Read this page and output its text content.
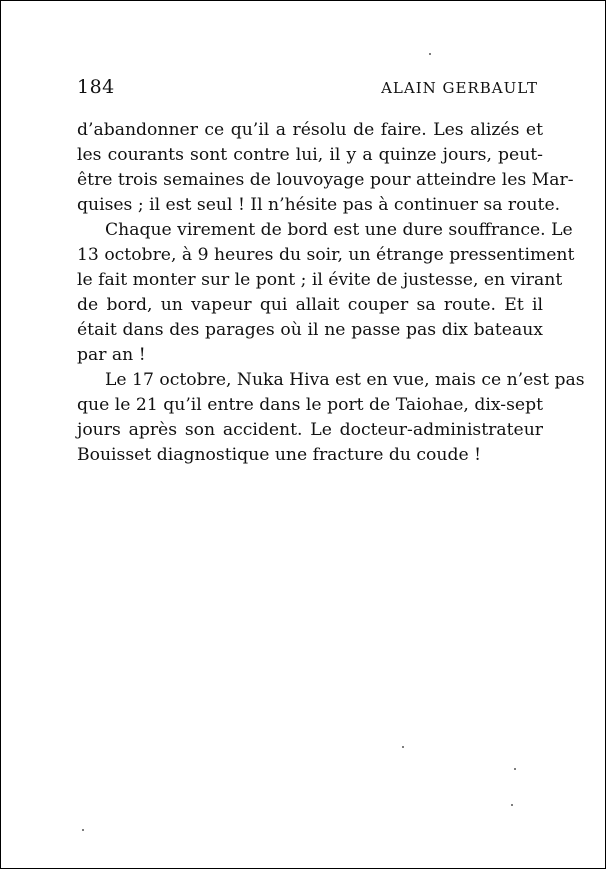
184	ALAIN GERBAULT
d’abandonner ce qu’il a résolu de faire. Les alizés et
les courants sont contre lui, il y a quinze jours, peut-
être trois semaines de louvoyage pour atteindre les Mar-
quises ; il est seul ! Il n’hésite pas à continuer sa route.
Chaque virement de bord est une dure souffrance. Le
13 octobre, à 9 heures du soir, un étrange pressentiment
le fait monter sur le pont ; il évite de justesse, en virant
de bord, un vapeur qui allait couper sa route. Et il
était dans des parages où il ne passe pas dix bateaux
par an !
Le 17 octobre, Nuka Hiva est en vue, mais ce n’est pas
que le 21 qu’il entre dans le port de Taiohae, dix-sept
jours après son accident. Le docteur-administrateur
Bouisset diagnostique une fracture du coude !
